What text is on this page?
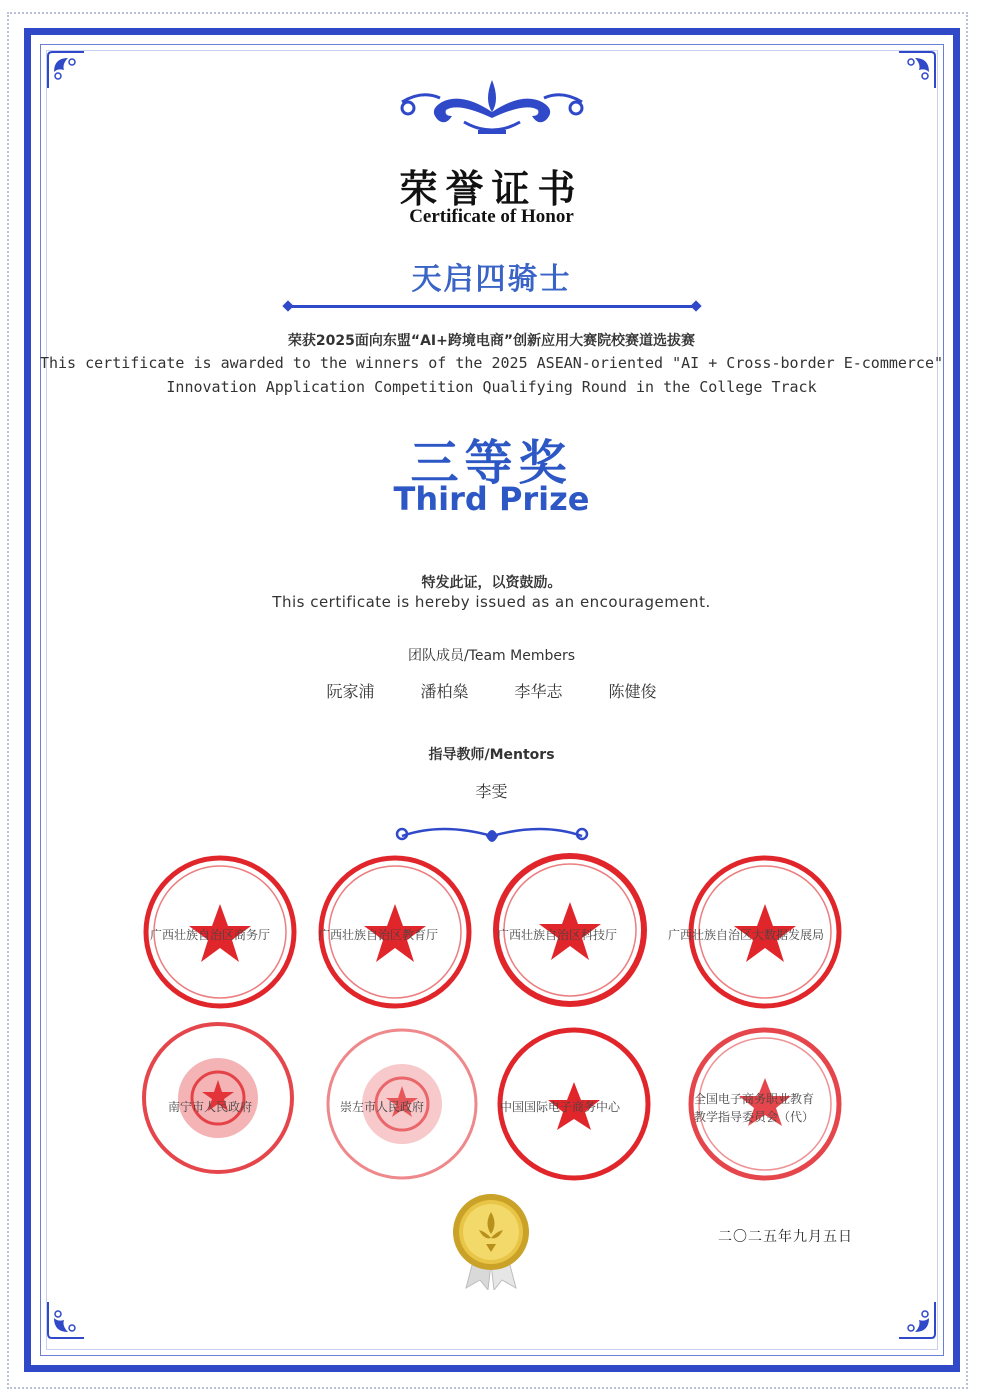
荣誉证书
Certificate of Honor
天启四骑士
荣获2025面向东盟“AI+跨境电商”创新应用大赛院校赛道选拔赛
This certificate is awarded to the winners of the 2025 ASEAN-oriented "AI + Cross-border E-commerce"
Innovation Application Competition Qualifying Round in the College Track
三等奖
Third Prize
特发此证，以资鼓励。
This certificate is hereby issued as an encouragement.
团队成员/Team Members
阮家浦	潘柏燊	李华志	陈健俊
指导教师/Mentors
李雯
广西壮族自治区商务厅	广西壮族自治区教育厅	广西壮族自治区科技厅	广西壮族自治区大数据发展局
南宁市人民政府	崇左市人民政府	中国国际电子商务中心
全国电子商务职业教育
教学指导委员会（代）
二〇二五年九月五日
